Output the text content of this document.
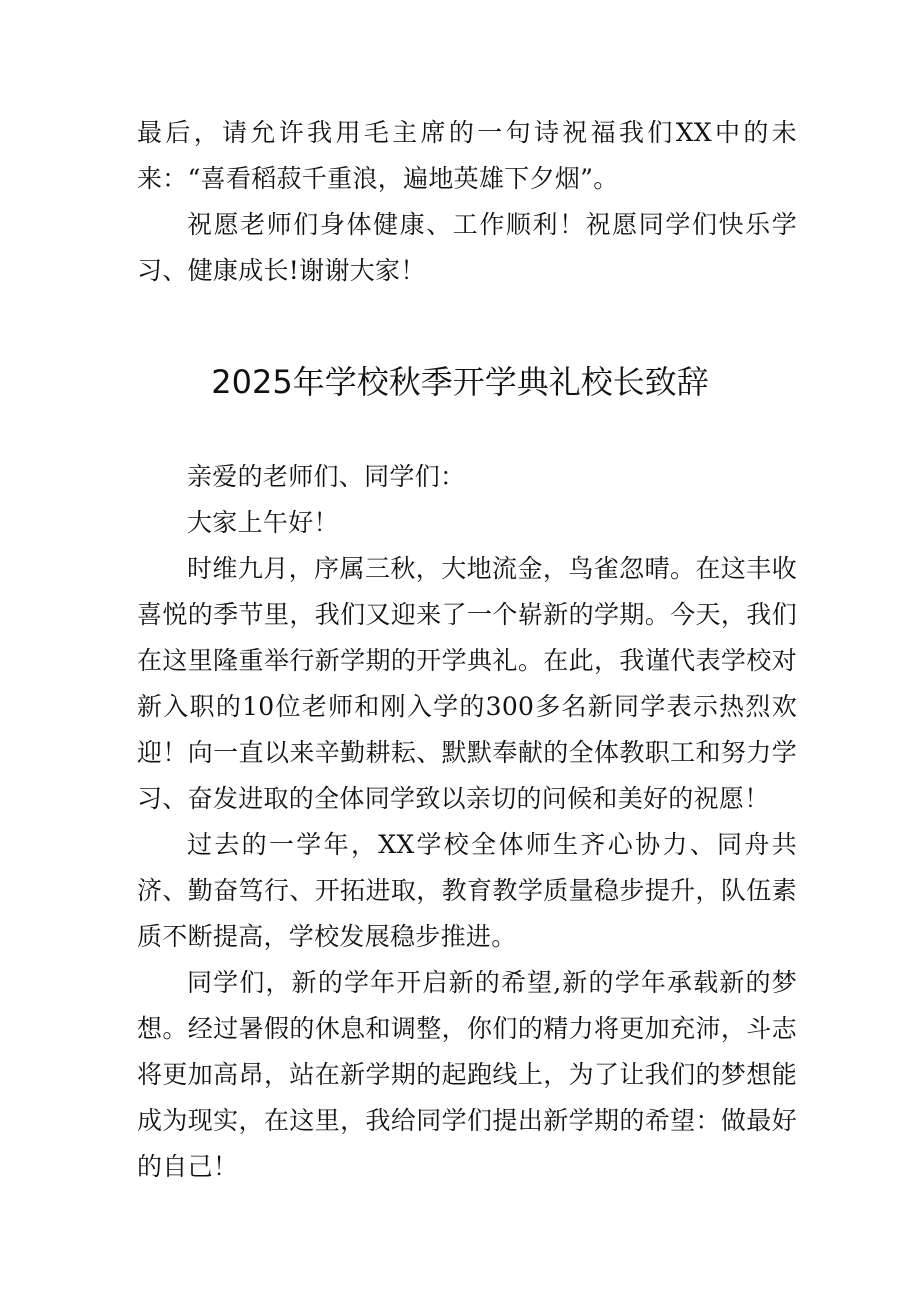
最后，请允许我用毛主席的一句诗祝福我们XX中的未来：“喜看稻菽千重浪，遍地英雄下夕烟”。

祝愿老师们身体健康、工作顺利！祝愿同学们快乐学习、健康成长!谢谢大家！

2025年学校秋季开学典礼校长致辞

亲爱的老师们、同学们：

大家上午好！

时维九月，序属三秋，大地流金，鸟雀忽晴。在这丰收喜悦的季节里，我们又迎来了一个崭新的学期。今天，我们在这里隆重举行新学期的开学典礼。在此，我谨代表学校对新入职的10位老师和刚入学的300多名新同学表示热烈欢迎！向一直以来辛勤耕耘、默默奉献的全体教职工和努力学习、奋发进取的全体同学致以亲切的问候和美好的祝愿！

过去的一学年，XX学校全体师生齐心协力、同舟共济、勤奋笃行、开拓进取，教育教学质量稳步提升，队伍素质不断提高，学校发展稳步推进。

同学们，新的学年开启新的希望,新的学年承载新的梦想。经过暑假的休息和调整，你们的精力将更加充沛，斗志将更加高昂，站在新学期的起跑线上，为了让我们的梦想能成为现实，在这里，我给同学们提出新学期的希望：做最好的自己！
